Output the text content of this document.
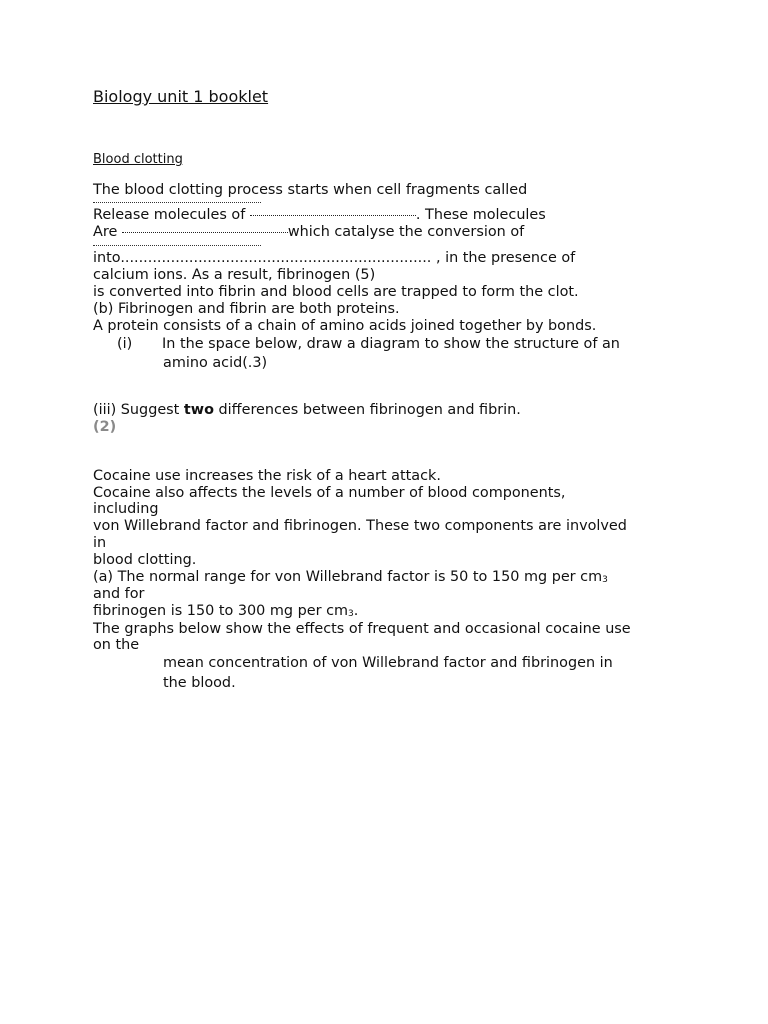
Biology unit 1 booklet
Blood clotting
The blood clotting process starts when cell fragments called
Release molecules of	. These molecules
Are	which catalyse the conversion of
into.................................................................... , in the presence of
calcium ions. As a result, fibrinogen (5)
is converted into fibrin and blood cells are trapped to form the clot.
(b) Fibrinogen and fibrin are both proteins.
A protein consists of a chain of amino acids joined together by bonds.
(i) In the space below, draw a diagram to show the structure of an
amino acid(.3)
(iii) Suggest two differences between fibrinogen and fibrin.
(2)
Cocaine use increases the risk of a heart attack.
Cocaine also affects the levels of a number of blood components,
including
von Willebrand factor and fibrinogen. These two components are involved
in
blood clotting.
(a) The normal range for von Willebrand factor is 50 to 150 mg per cm3
and for
fibrinogen is 150 to 300 mg per cm3.
The graphs below show the effects of frequent and occasional cocaine use
on the
mean concentration of von Willebrand factor and fibrinogen in
the blood.
